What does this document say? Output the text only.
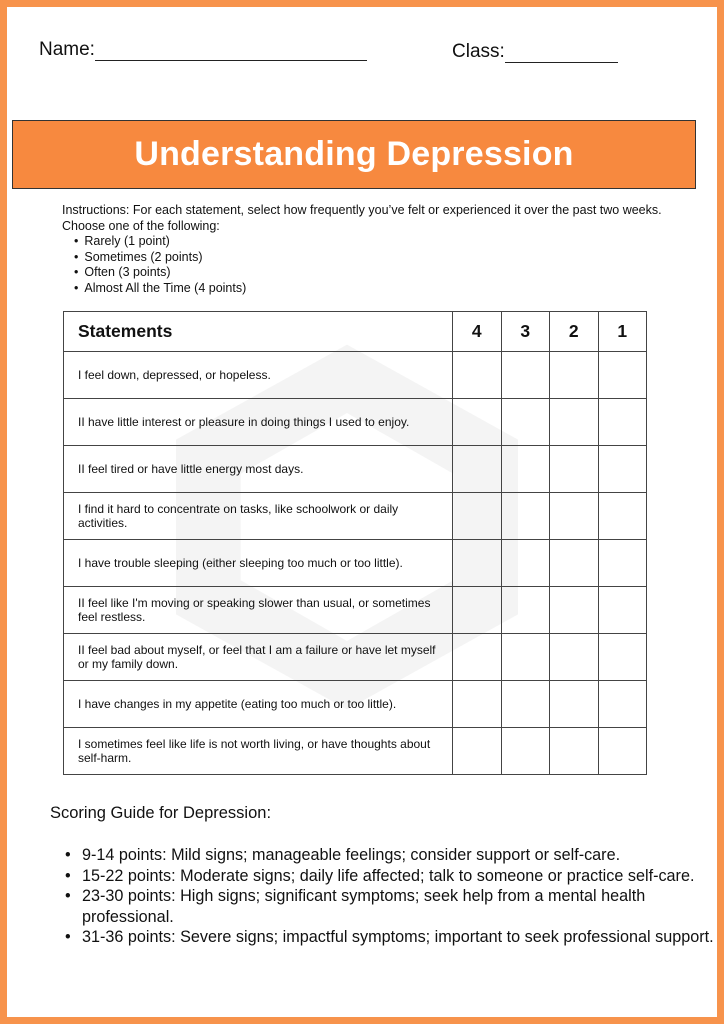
Name:	Class:
Understanding Depression

Instructions: For each statement, select how frequently you’ve felt or experienced it over the past two weeks. Choose one of the following:

• Rarely (1 point)
• Sometimes (2 points)
• Often (3 points)
• Almost All the Time (4 points)
Statements	4	3	2	1
I feel down, depressed, or hopeless.				
II have little interest or pleasure in doing things I used to enjoy.				
II feel tired or have little energy most days.				
I find it hard to concentrate on tasks, like schoolwork or daily activities.				
I have trouble sleeping (either sleeping too much or too little).				
II feel like I'm moving or speaking slower than usual, or sometimes feel restless.				
II feel bad about myself, or feel that I am a failure or have let myself or my family down.				
I have changes in my appetite (eating too much or too little).				
I sometimes feel like life is not worth living, or have thoughts about self-harm.				
Scoring Guide for Depression:
• 9-14 points: Mild signs; manageable feelings; consider support or self-care.
• 15-22 points: Moderate signs; daily life affected; talk to someone or practice self-care.
• 23-30 points: High signs; significant symptoms; seek help from a mental health professional.
• 31-36 points: Severe signs; impactful symptoms; important to seek professional support.
